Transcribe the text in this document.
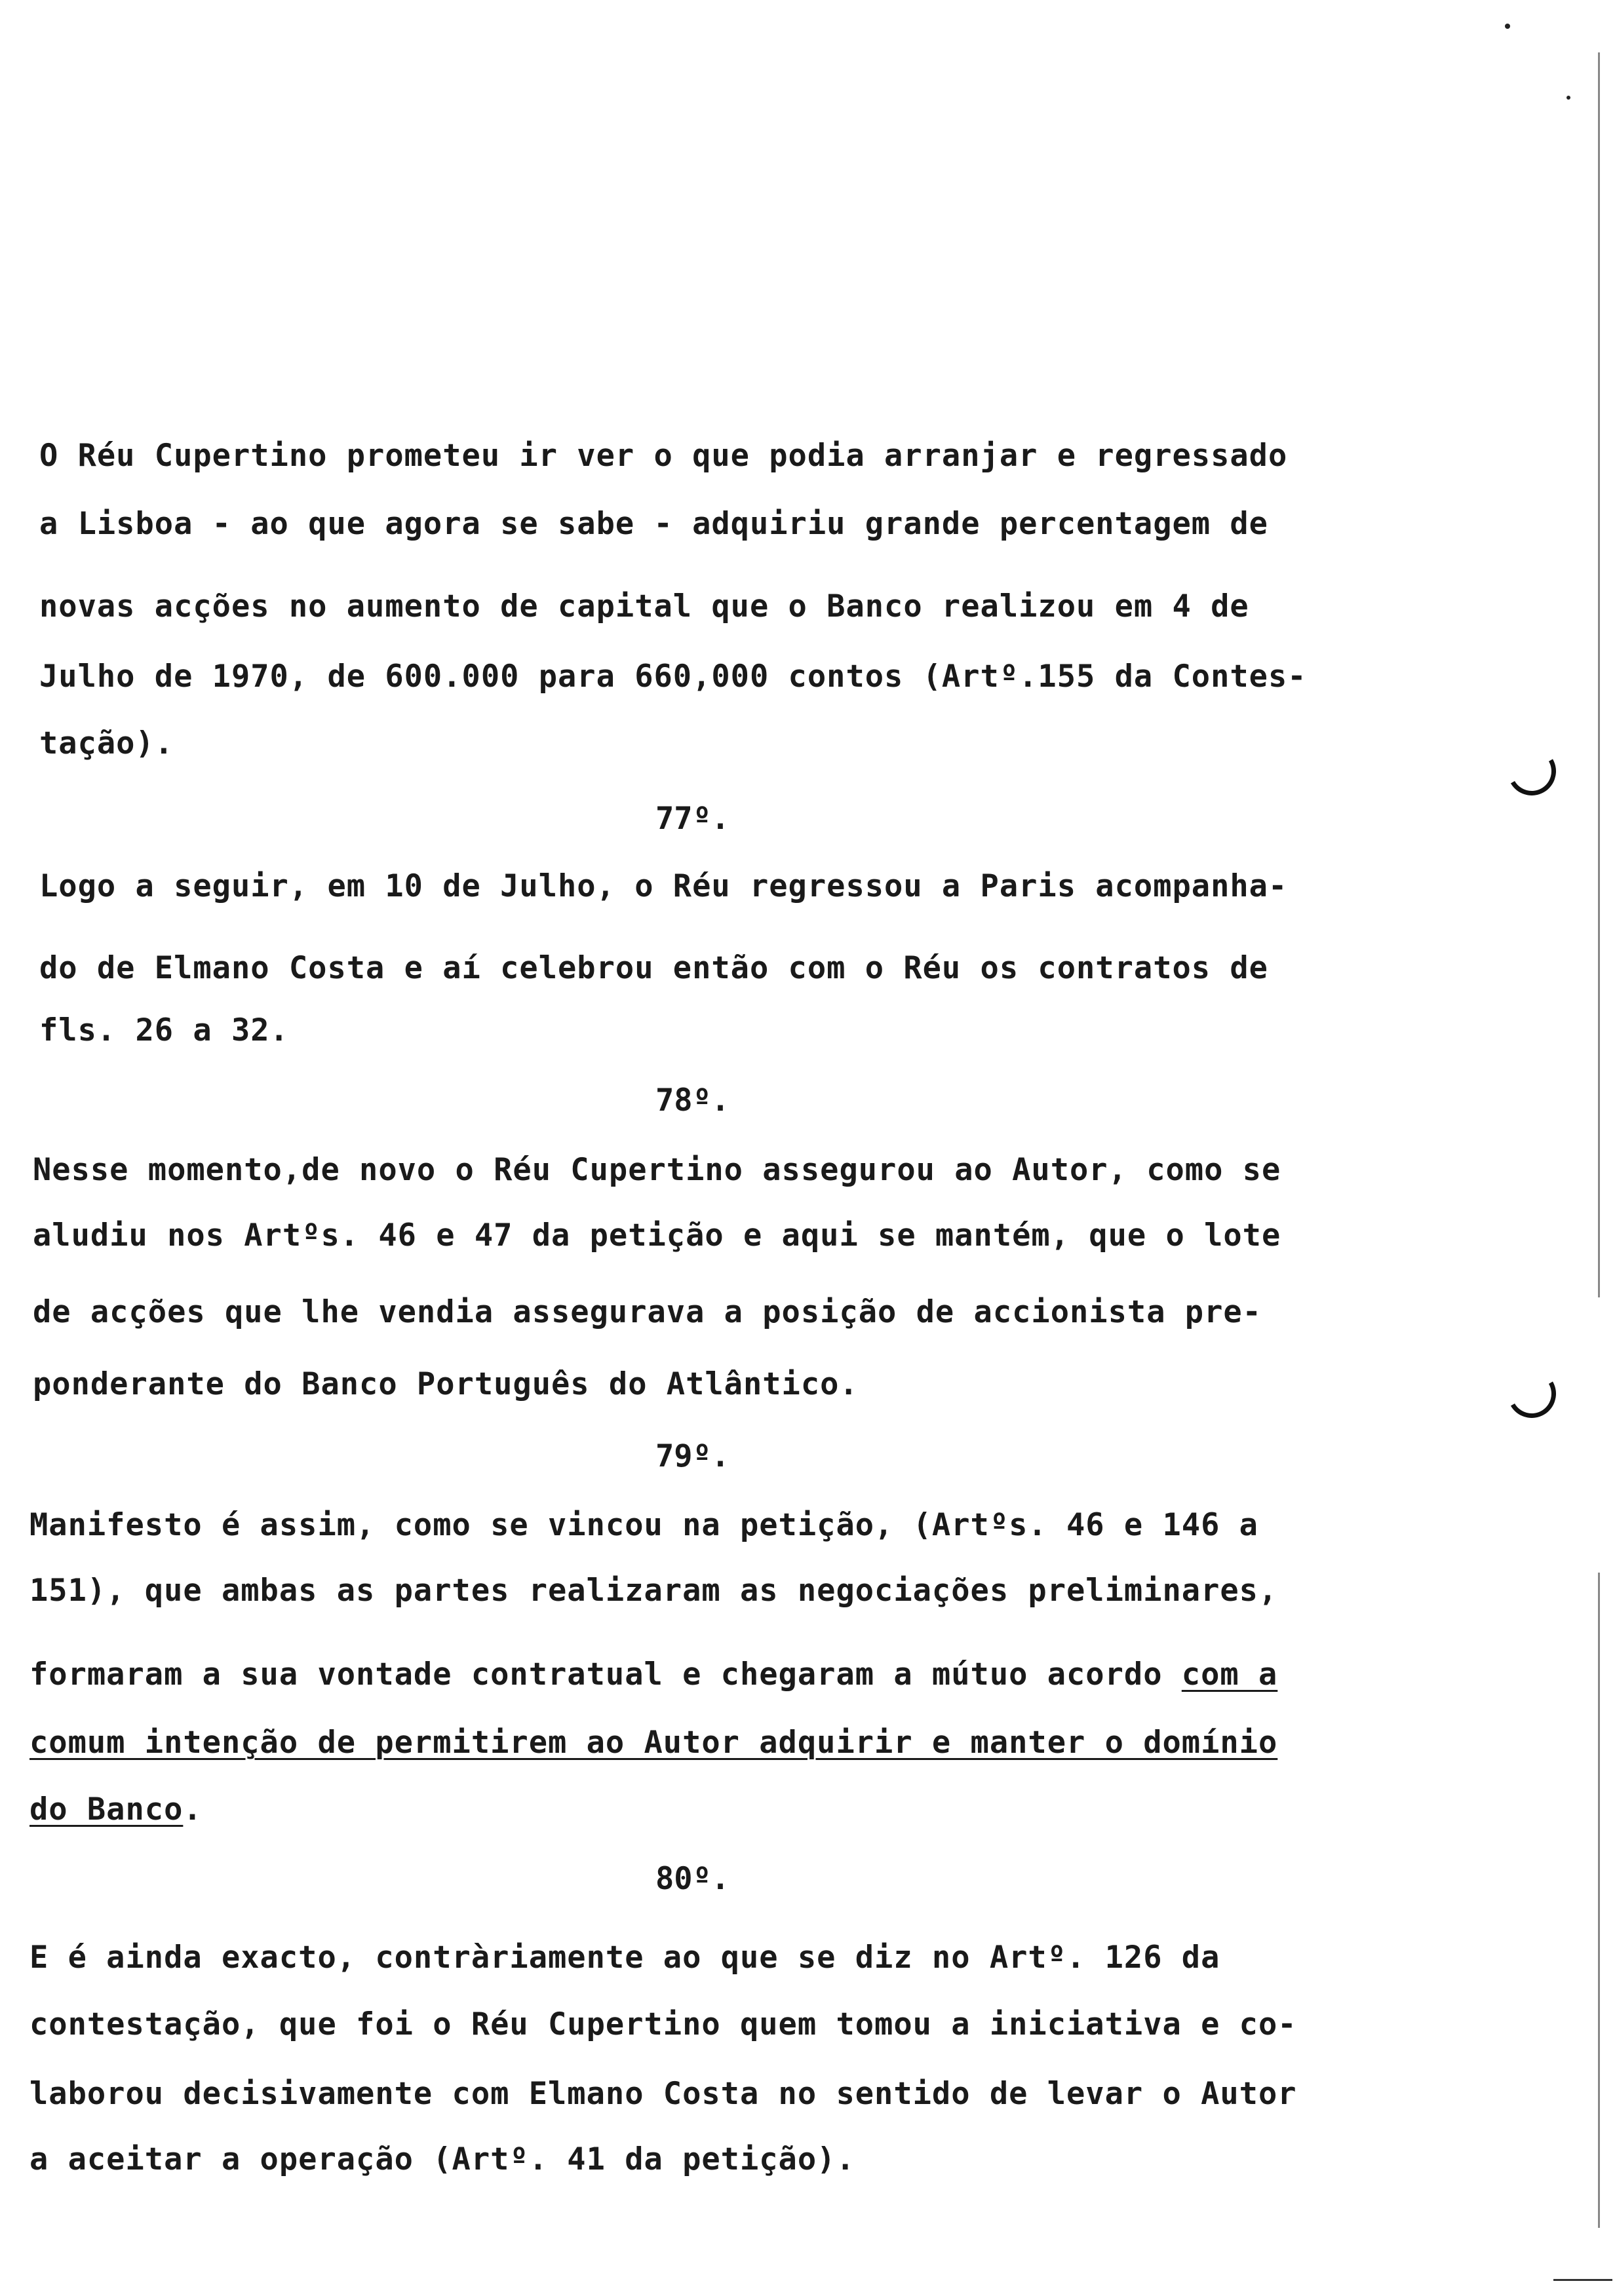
O Réu Cupertino prometeu ir ver o que podia arranjar e regressado
a Lisboa - ao que agora se sabe - adquiriu grande percentagem de
novas acções no aumento de capital que o Banco realizou em 4 de
Julho de 1970, de 600.000 para 660,000 contos (Artº.155 da Contes-
tação).
77º.
Logo a seguir, em 10 de Julho, o Réu regressou a Paris acompanha-
do de Elmano Costa e aí celebrou então com o Réu os contratos de
fls. 26 a 32.
78º.
Nesse momento,de novo o Réu Cupertino assegurou ao Autor, como se
aludiu nos Artºs. 46 e 47 da petição e aqui se mantém, que o lote
de acções que lhe vendia assegurava a posição de accionista pre-
ponderante do Banco Português do Atlântico.
79º.
Manifesto é assim, como se vincou na petição, (Artºs. 46 e 146 a
151), que ambas as partes realizaram as negociações preliminares,
formaram a sua vontade contratual e chegaram a mútuo acordo com a
comum intenção de permitirem ao Autor adquirir e manter o domínio
do Banco.
80º.
E é ainda exacto, contràriamente ao que se diz no Artº. 126 da
contestação, que foi o Réu Cupertino quem tomou a iniciativa e co-
laborou decisivamente com Elmano Costa no sentido de levar o Autor
a aceitar a operação (Artº. 41 da petição).
